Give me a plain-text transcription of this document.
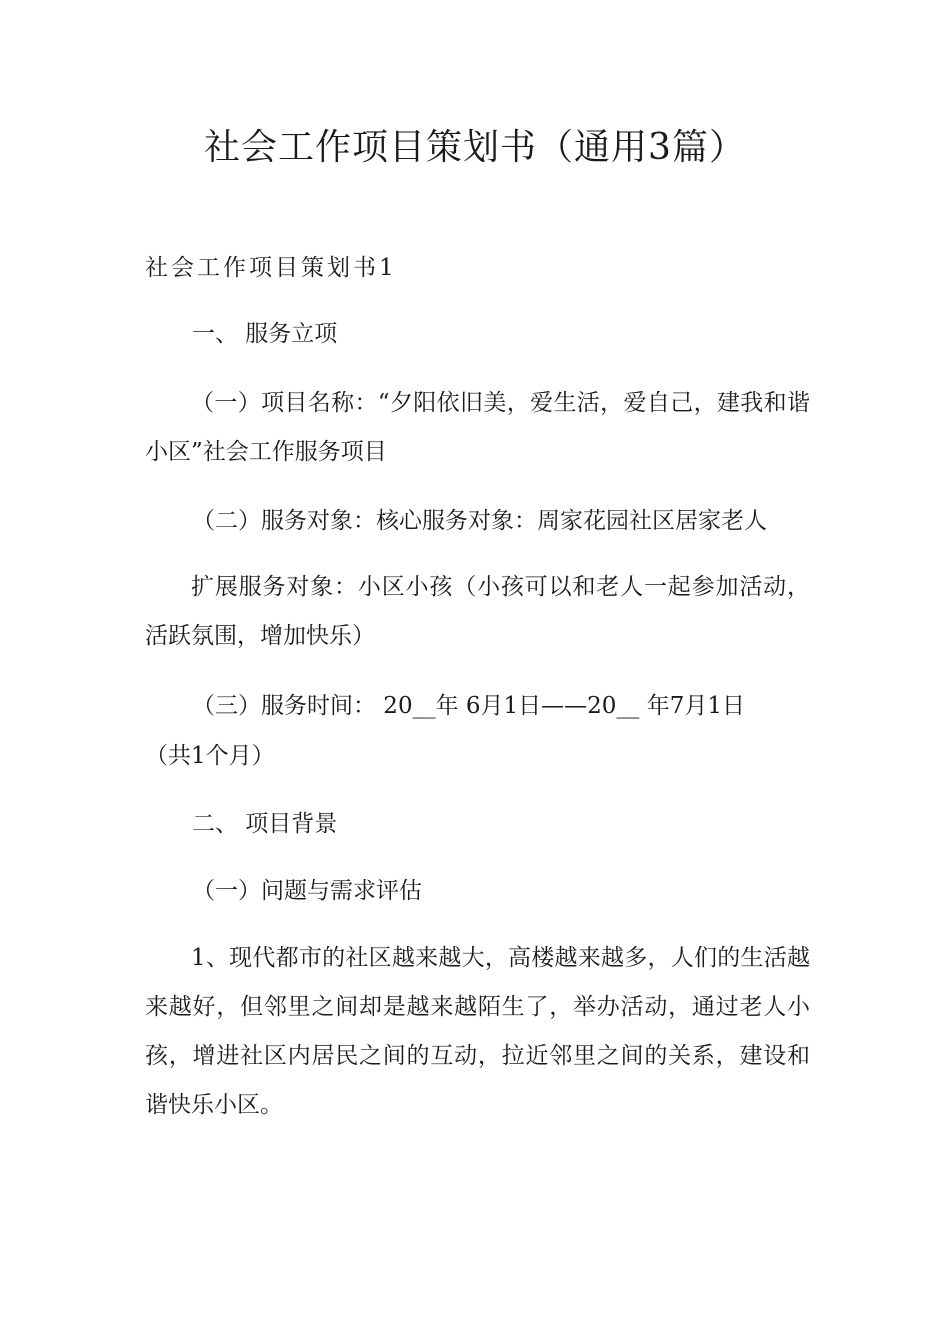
社会工作项目策划书（通用3篇）
社会工作项目策划书1
一、 服务立项
（一）项目名称：“夕阳依旧美，爱生活，爱自己，建我和谐小区”社会工作服务项目
（二）服务对象：核心服务对象：周家花园社区居家老人
扩展服务对象：小区小孩（小孩可以和老人一起参加活动，活跃氛围，增加快乐）
（三）服务时间： 20__年 6月1日——20__ 年7月1日
（共1个月）
二、 项目背景
（一）问题与需求评估
1、现代都市的社区越来越大，高楼越来越多，人们的生活越来越好，但邻里之间却是越来越陌生了，举办活动，通过老人小孩，增进社区内居民之间的互动，拉近邻里之间的关系，建设和谐快乐小区。
